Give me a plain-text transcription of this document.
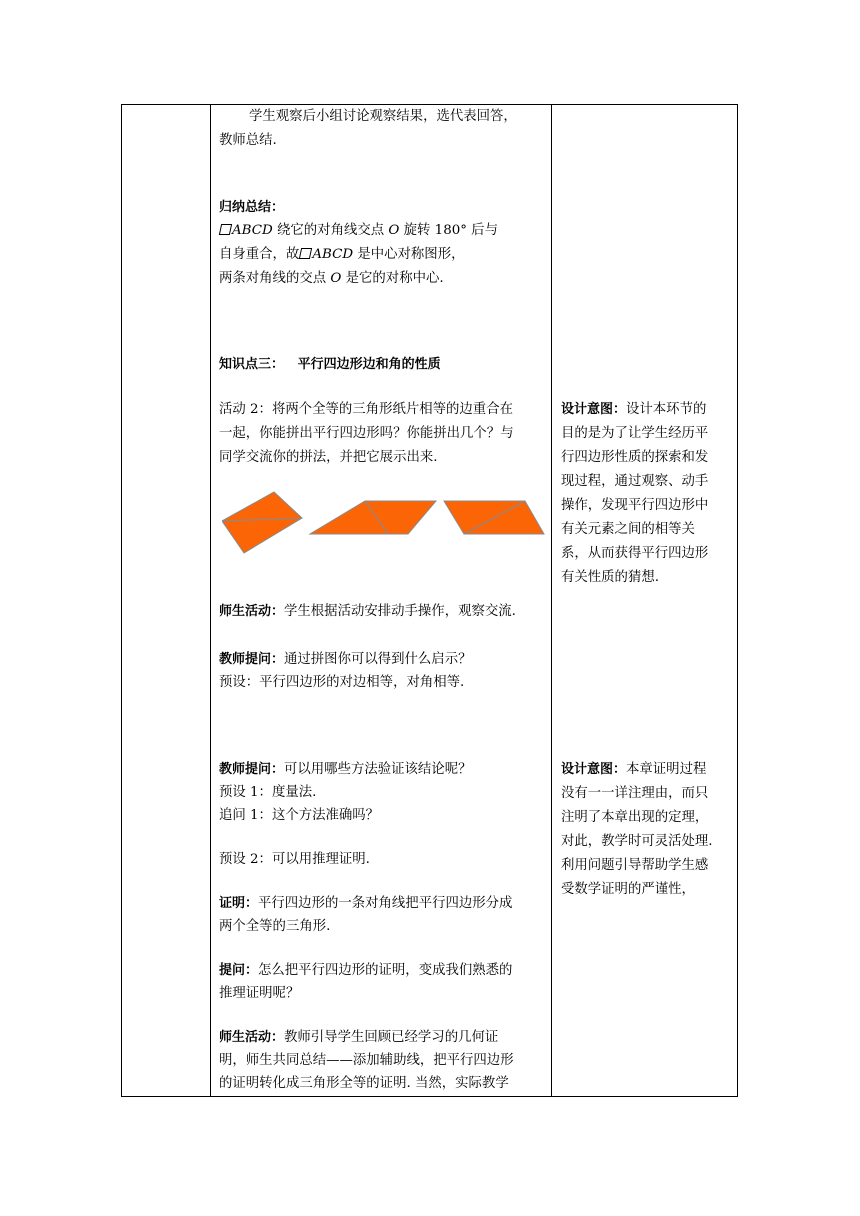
学生观察后小组讨论观察结果，选代表回答，
教师总结.
归纳总结：
ABCD 绕它的对角线交点 O 旋转 180° 后与
自身重合，故 ABCD 是中心对称图形，
两条对角线的交点 O 是它的对称中心.
知识点三：   平行四边形边和角的性质
活动 2：将两个全等的三角形纸片相等的边重合在
一起，你能拼出平行四边形吗？你能拼出几个？与
同学交流你的拼法，并把它展示出来.
师生活动：学生根据活动安排动手操作，观察交流.
教师提问：通过拼图你可以得到什么启示？
预设：平行四边形的对边相等，对角相等.
教师提问：可以用哪些方法验证该结论呢？
预设 1：度量法.
追问 1：这个方法准确吗？
预设 2：可以用推理证明.
证明：平行四边形的一条对角线把平行四边形分成
两个全等的三角形.
提问：怎么把平行四边形的证明，变成我们熟悉的
推理证明呢？
师生活动：教师引导学生回顾已经学习的几何证
明，师生共同总结——添加辅助线，把平行四边形
的证明转化成三角形全等的证明. 当然，实际教学
设计意图：设计本环节的
目的是为了让学生经历平
行四边形性质的探索和发
现过程，通过观察、动手
操作，发现平行四边形中
有关元素之间的相等关
系，从而获得平行四边形
有关性质的猜想.
设计意图：本章证明过程
没有一一详注理由，而只
注明了本章出现的定理，
对此，教学时可灵活处理.
利用问题引导帮助学生感
受数学证明的严谨性，
